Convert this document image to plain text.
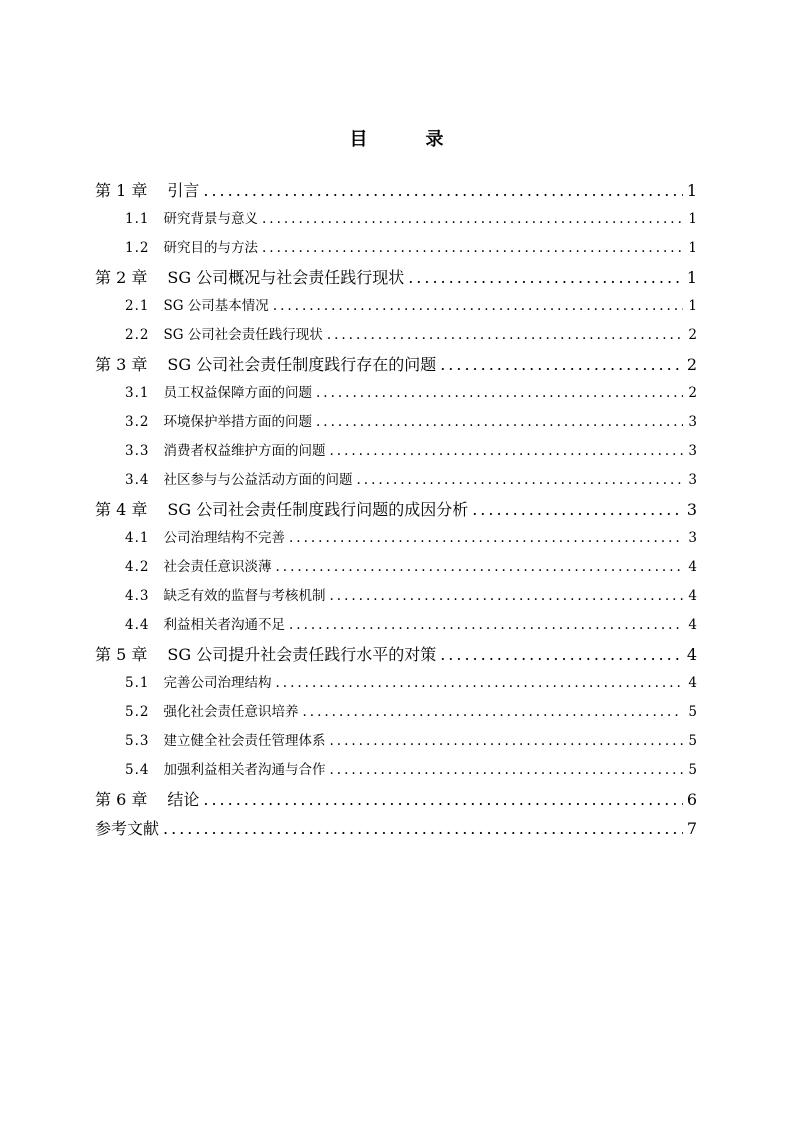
目　录
第 1 章 引言 .....	1
1.1 研究背景与意义 .....	1
1.2 研究目的与方法 .....	1
第 2 章 SG 公司概况与社会责任践行现状 .....	1
2.1 SG 公司基本情况 .....	1
2.2 SG 公司社会责任践行现状 .....	2
第 3 章 SG 公司社会责任制度践行存在的问题 .....	2
3.1 员工权益保障方面的问题 .....	2
3.2 环境保护举措方面的问题 .....	3
3.3 消费者权益维护方面的问题 .....	3
3.4 社区参与与公益活动方面的问题 .....	3
第 4 章 SG 公司社会责任制度践行问题的成因分析 .....	3
4.1 公司治理结构不完善 .....	3
4.2 社会责任意识淡薄 .....	4
4.3 缺乏有效的监督与考核机制 .....	4
4.4 利益相关者沟通不足 .....	4
第 5 章 SG 公司提升社会责任践行水平的对策 .....	4
5.1 完善公司治理结构 .....	4
5.2 强化社会责任意识培养 .....	5
5.3 建立健全社会责任管理体系 .....	5
5.4 加强利益相关者沟通与合作 .....	5
第 6 章 结论 .....	6
参考文献 .....	7
